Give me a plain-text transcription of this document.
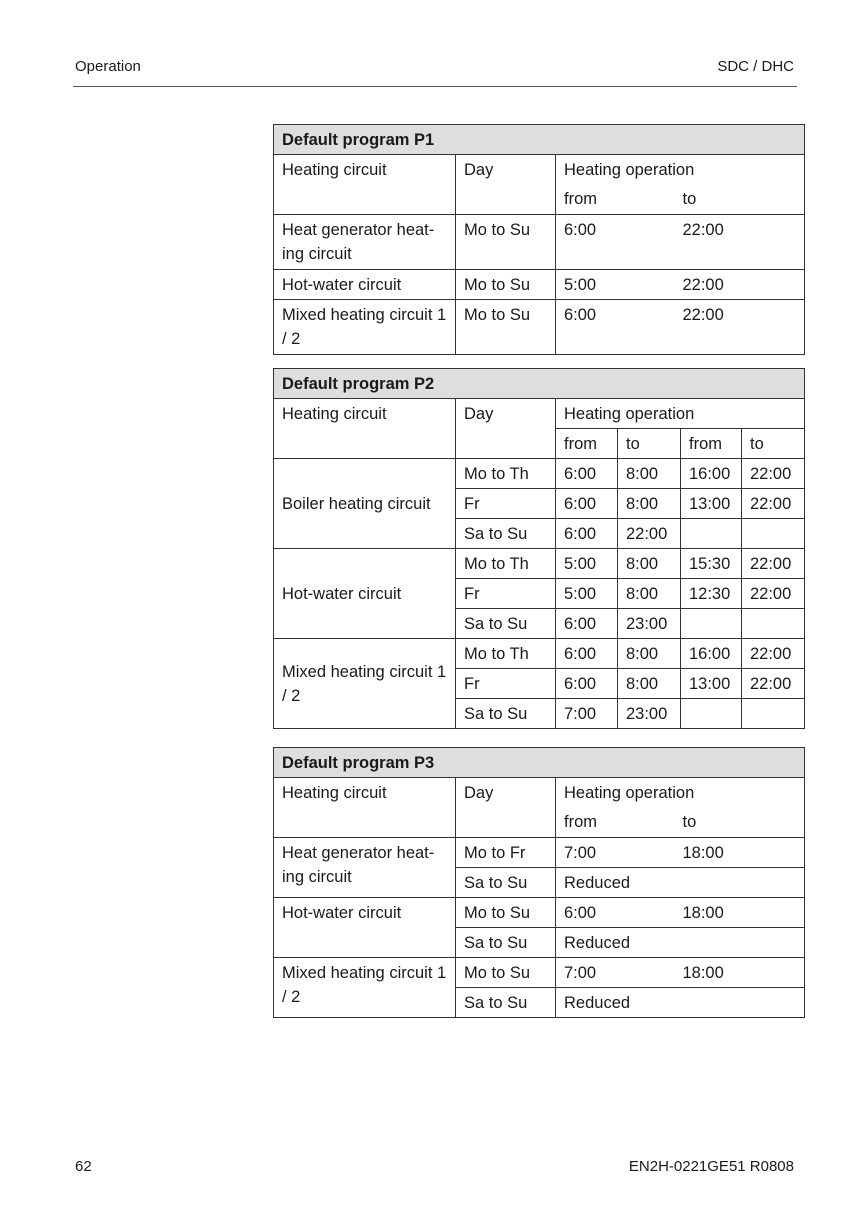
Operation	SDC / DHC
Default program P1			
Heating circuit	Day	Heating operation	
		from	to
Heat generator heat-ing circuit	Mo to Su	6:00	22:00
Hot-water circuit	Mo to Su	5:00	22:00
Mixed heating circuit 1 / 2	Mo to Su	6:00	22:00
Default program P2					
Heating circuit	Day	Heating operation			
		from	to	from	to
Boiler heating circuit	Mo to Th	6:00	8:00	16:00	22:00
	Fr	6:00	8:00	13:00	22:00
	Sa to Su	6:00	22:00		
Hot-water circuit	Mo to Th	5:00	8:00	15:30	22:00
	Fr	5:00	8:00	12:30	22:00
	Sa to Su	6:00	23:00		
Mixed heating circuit 1 / 2	Mo to Th	6:00	8:00	16:00	22:00
	Fr	6:00	8:00	13:00	22:00
	Sa to Su	7:00	23:00		
Default program P3			
Heating circuit	Day	Heating operation	
		from	to
Heat generator heat-ing circuit	Mo to Fr	7:00	18:00
	Sa to Su	Reduced	
Hot-water circuit	Mo to Su	6:00	18:00
	Sa to Su	Reduced	
Mixed heating circuit 1 / 2	Mo to Su	7:00	18:00
	Sa to Su	Reduced	
62	EN2H-0221GE51 R0808
